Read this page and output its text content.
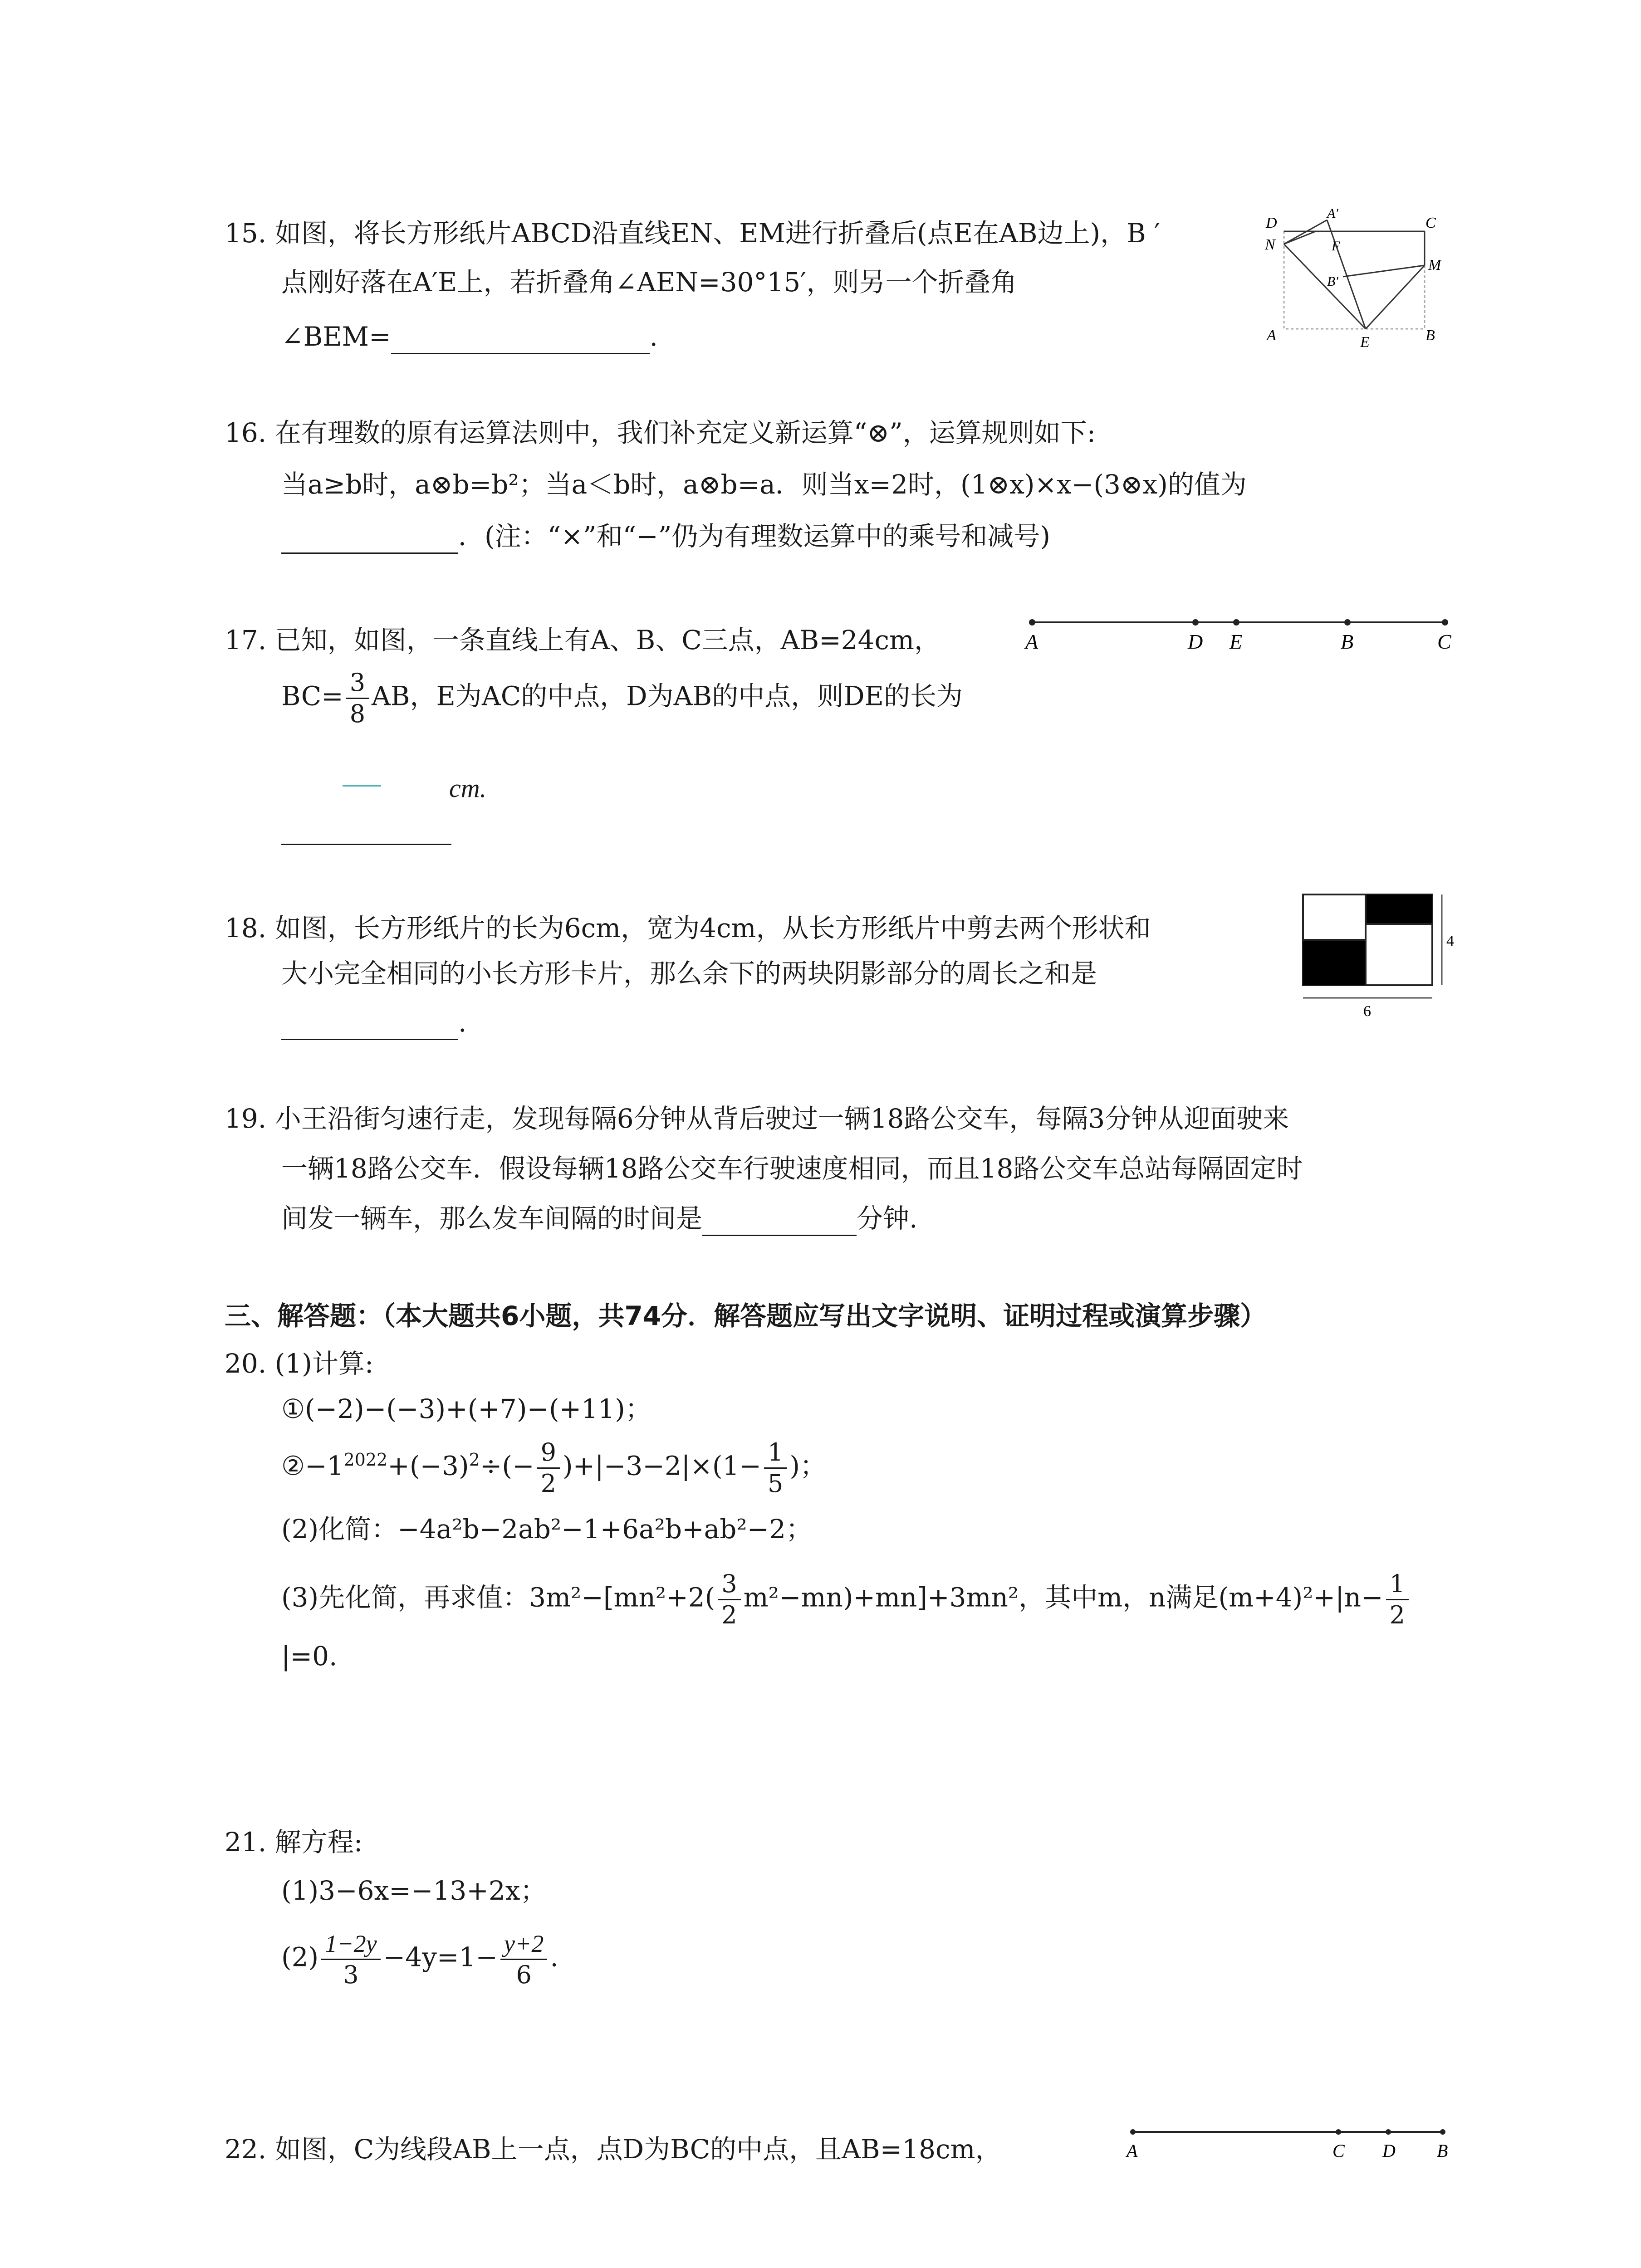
15. 如图，将长方形纸片ABCD沿直线EN、EM进行折叠后(点E在AB边上)，B ′
点刚好落在A′E上，若折叠角∠AEN=30°15′，则另一个折叠角
∠BEM=	.
D
A′
C
N	F
M
B′
A	E	B
16. 在有理数的原有运算法则中，我们补充定义新运算“⊗”，运算规则如下:
当a≥b时，a⊗b=b²；当a＜b时，a⊗b=a．则当x=2时，(1⊗x)×x−(3⊗x)的值为
．(注：“×”和“−”仍为有理数运算中的乘号和减号)
17. 已知，如图，一条直线上有A、B、C三点，AB=24cm，
$BC= \frac{3}{8}$ AB，E为AC的中点，D为AB的中点，则DE的长为
cm.
A	D E	B	C
18. 如图，长方形纸片的长为6cm，宽为4cm，从长方形纸片中剪去两个形状和
大小完全相同的小长方形卡片，那么余下的两块阴影部分的周长之和是
.
4
6
19. 小王沿街匀速行走，发现每隔6分钟从背后驶过一辆18路公交车，每隔3分钟从迎面驶来
一辆18路公交车．假设每辆18路公交车行驶速度相同，而且18路公交车总站每隔固定时
间发一辆车，那么发车间隔的时间是	分钟.
三、解答题：（本大题共6小题，共74分．解答题应写出文字说明、证明过程或演算步骤）
20. (1)计算:
①(−2)−(−3)+(+7)−(+11)；
$②-1^{2022}+(-3)^2\div(- \frac{9}{2} )+|-3-2|\times(1- \frac{1}{5}$ )；
(2)化简：−4a²b−2ab²−1+6a²b+ab²−2；
(3)先化简，再求值：$3m^2-[mn^2+2( \frac{3}{2} m^2-mn)+mn]+3mn^2$，其中m，n满足$(m+4)^2+|n- \frac{1}{2}$
|=0.
21. 解方程:
(1)3−6x=−13+2x；
$(2) \frac{1-2y}{3} -4y=1- \frac{y+2}{6}$ .
22. 如图，C为线段AB上一点，点D为BC的中点，且AB=18cm，	A	C D B
